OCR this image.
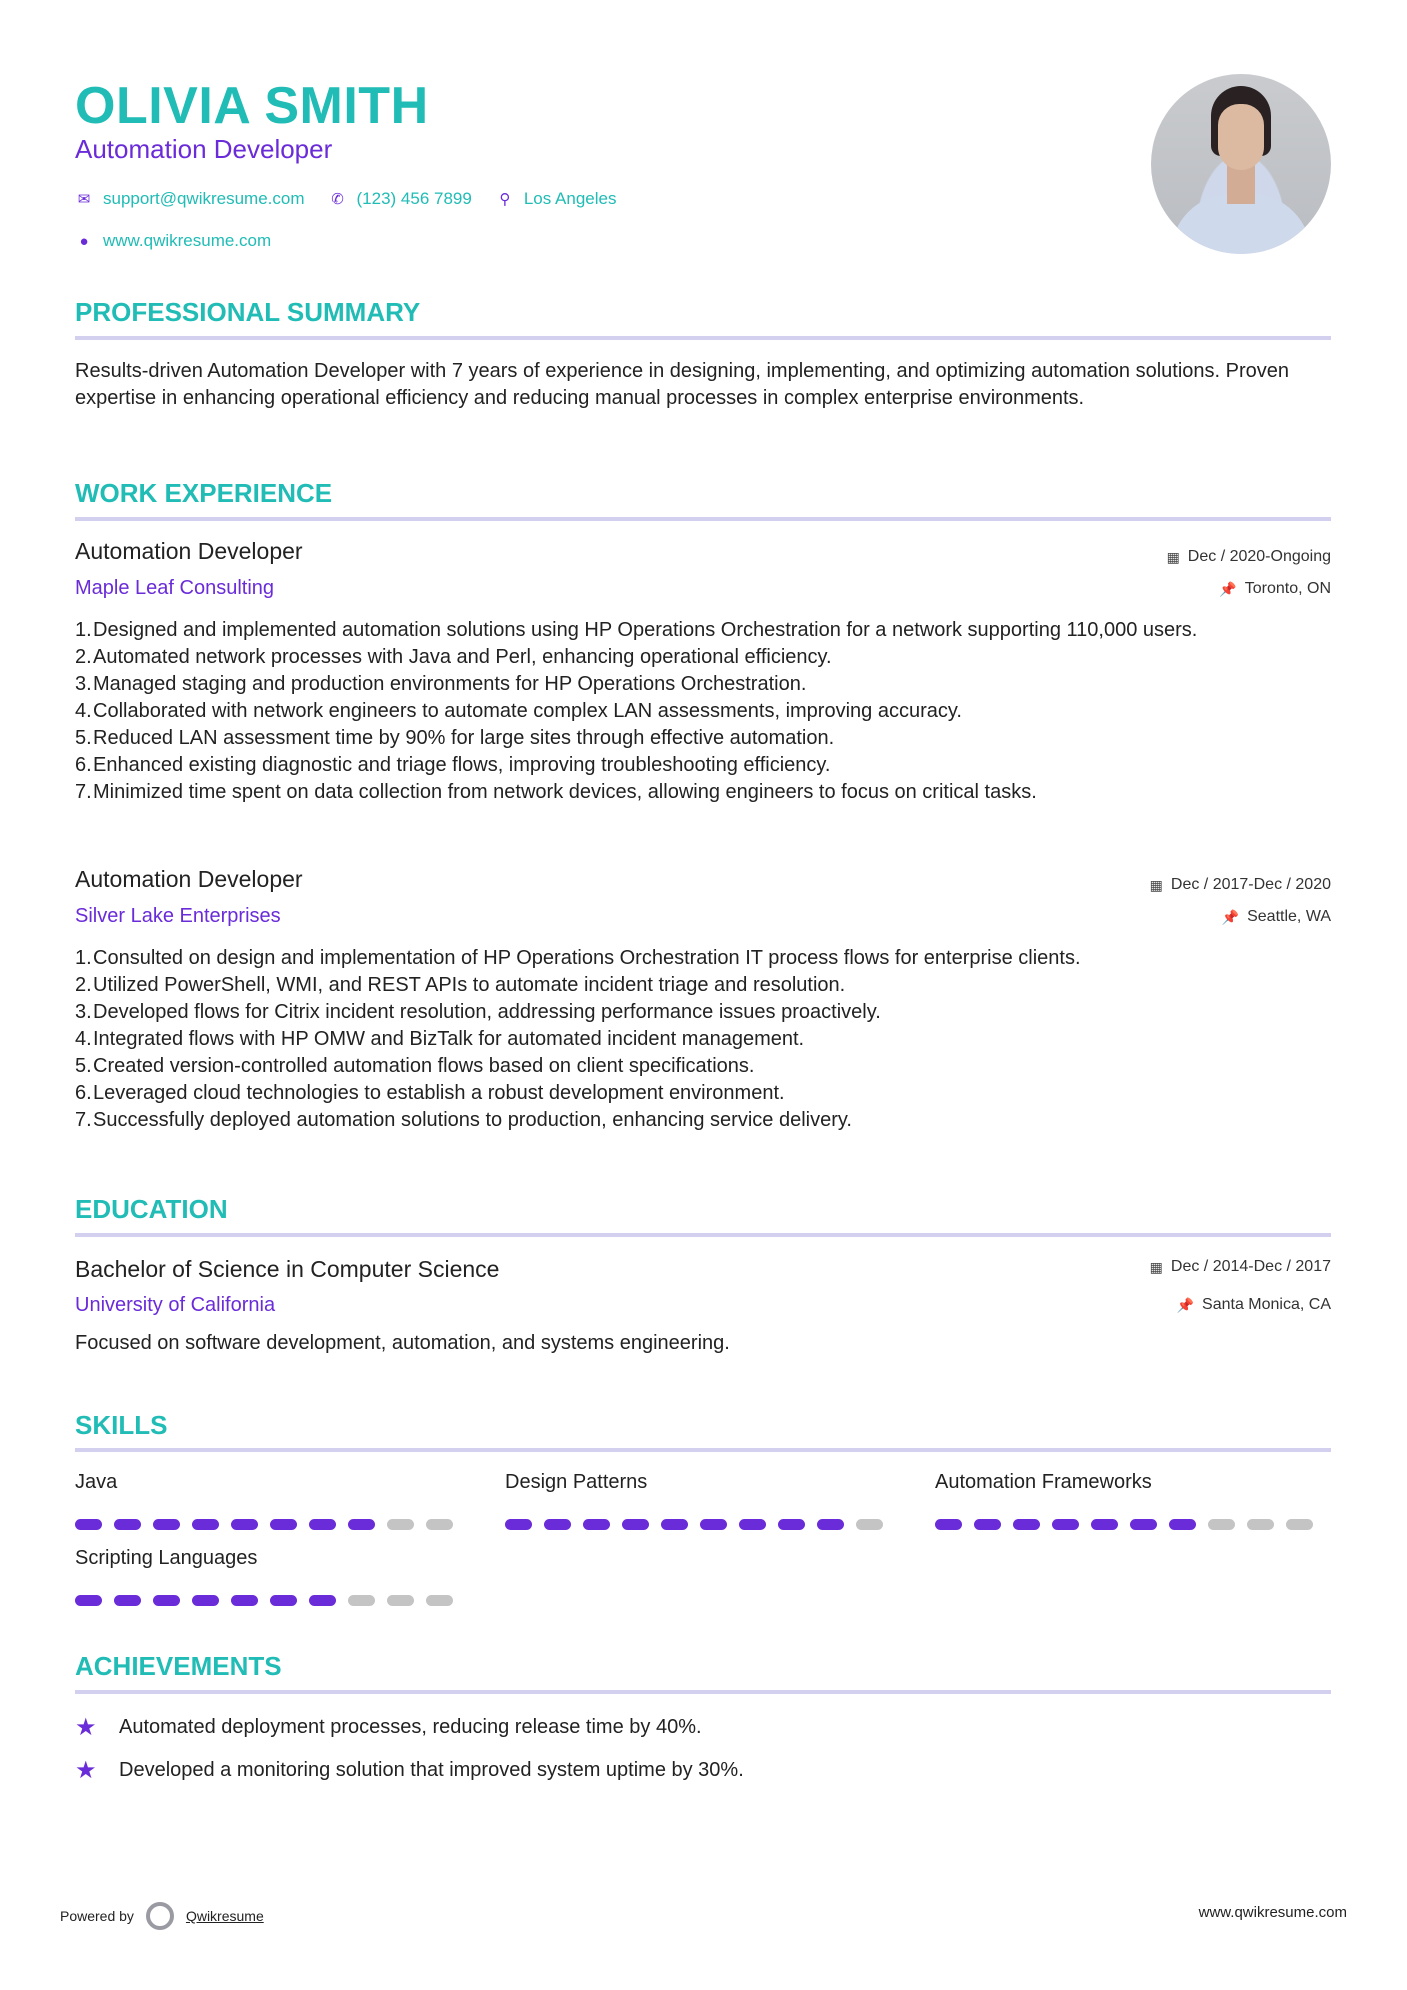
OLIVIA SMITH
Automation Developer
✉ support@qwikresume.com ✆ (123) 456 7899 ⚲ Los Angeles
● www.qwikresume.com
PROFESSIONAL SUMMARY
Results-driven Automation Developer with 7 years of experience in designing, implementing, and optimizing automation solutions. Proven expertise in enhancing operational efficiency and reducing manual processes in complex enterprise environments.
WORK EXPERIENCE
Automation Developer	▦ Dec / 2020-Ongoing
Maple Leaf Consulting	📌 Toronto, ON
1. Designed and implemented automation solutions using HP Operations Orchestration for a network supporting 110,000 users.
2. Automated network processes with Java and Perl, enhancing operational efficiency.
3. Managed staging and production environments for HP Operations Orchestration.
4. Collaborated with network engineers to automate complex LAN assessments, improving accuracy.
5. Reduced LAN assessment time by 90% for large sites through effective automation.
6. Enhanced existing diagnostic and triage flows, improving troubleshooting efficiency.
7. Minimized time spent on data collection from network devices, allowing engineers to focus on critical tasks.
Automation Developer	▦ Dec / 2017-Dec / 2020
Silver Lake Enterprises	📌 Seattle, WA
1. Consulted on design and implementation of HP Operations Orchestration IT process flows for enterprise clients.
2. Utilized PowerShell, WMI, and REST APIs to automate incident triage and resolution.
3. Developed flows for Citrix incident resolution, addressing performance issues proactively.
4. Integrated flows with HP OMW and BizTalk for automated incident management.
5. Created version-controlled automation flows based on client specifications.
6. Leveraged cloud technologies to establish a robust development environment.
7. Successfully deployed automation solutions to production, enhancing service delivery.
EDUCATION
Bachelor of Science in Computer Science	▦ Dec / 2014-Dec / 2017
University of California	📌 Santa Monica, CA
Focused on software development, automation, and systems engineering.
SKILLS
Java	Design Patterns	Automation Frameworks
Scripting Languages
ACHIEVEMENTS
★	Automated deployment processes, reducing release time by 40%.
★	Developed a monitoring solution that improved system uptime by 30%.
Powered by	Qwikresume	www.qwikresume.com
